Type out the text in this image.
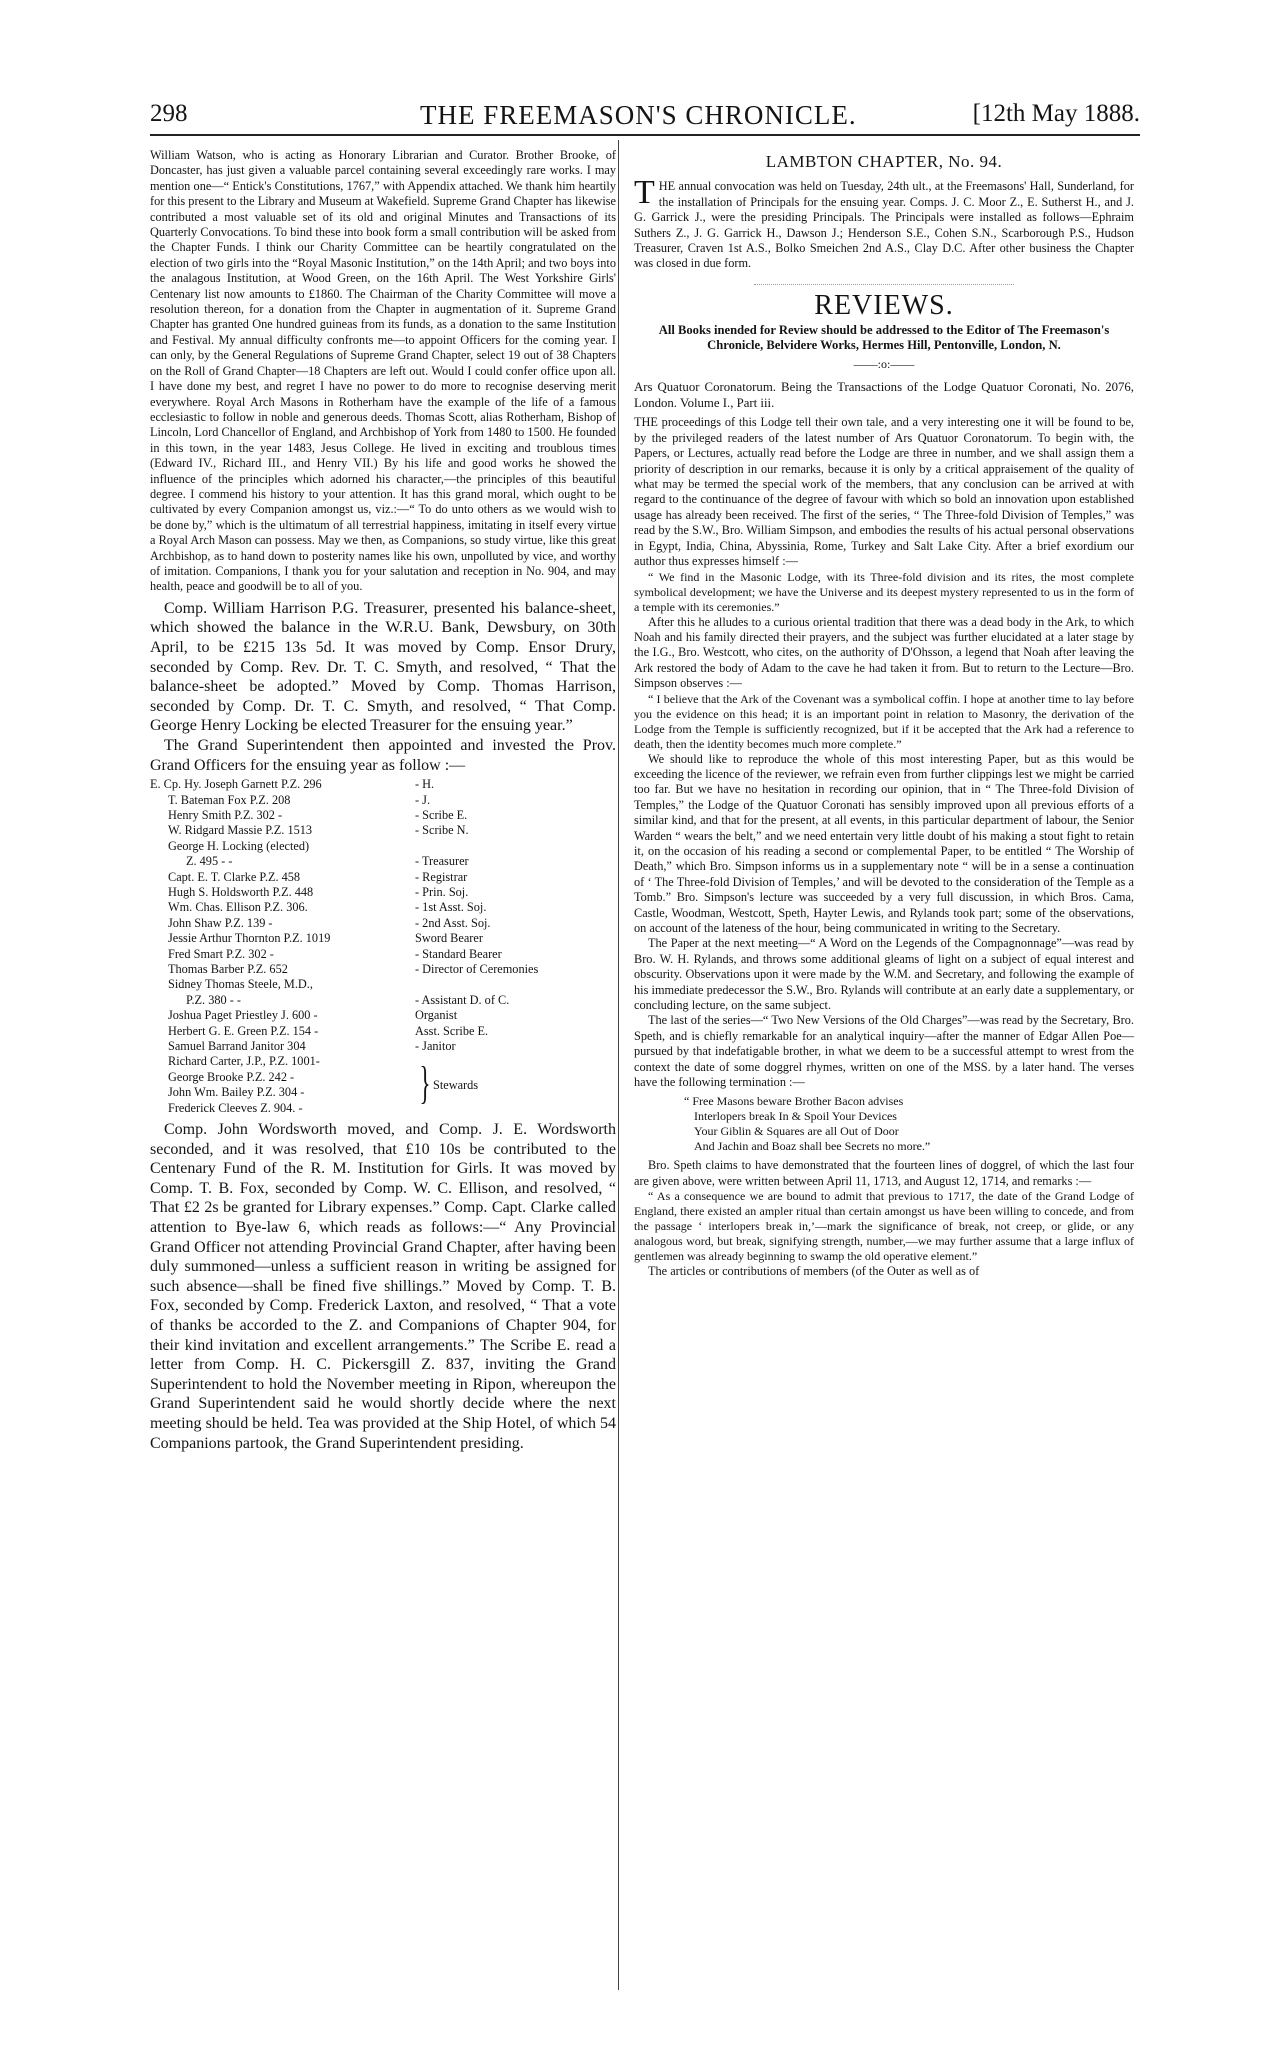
298	THE FREEMASON'S CHRONICLE.	[12th May 1888.

William Watson, who is acting as Honorary Librarian and Curator. Brother Brooke, of Doncaster, has just given a valuable parcel containing several exceedingly rare works. I may mention one—“ Entick's Constitutions, 1767,” with Appendix attached. We thank him heartily for this present to the Library and Museum at Wakefield. Supreme Grand Chapter has likewise contributed a most valuable set of its old and original Minutes and Transactions of its Quarterly Convocations. To bind these into book form a small contribution will be asked from the Chapter Funds. I think our Charity Committee can be heartily congratulated on the election of two girls into the “Royal Masonic Institution,” on the 14th April; and two boys into the analagous Institution, at Wood Green, on the 16th April. The West Yorkshire Girls' Centenary list now amounts to £1860. The Chairman of the Charity Committee will move a resolution thereon, for a donation from the Chapter in augmentation of it. Supreme Grand Chapter has granted One hundred guineas from its funds, as a donation to the same Institution and Festival. My annual difficulty confronts me—to appoint Officers for the coming year. I can only, by the General Regulations of Supreme Grand Chapter, select 19 out of 38 Chapters on the Roll of Grand Chapter—18 Chapters are left out. Would I could confer office upon all. I have done my best, and regret I have no power to do more to recognise deserving merit everywhere. Royal Arch Masons in Rotherham have the example of the life of a famous ecclesiastic to follow in noble and generous deeds. Thomas Scott, alias Rotherham, Bishop of Lincoln, Lord Chancellor of England, and Archbishop of York from 1480 to 1500. He founded in this town, in the year 1483, Jesus College. He lived in exciting and troublous times (Edward IV., Richard III., and Henry VII.) By his life and good works he showed the influence of the principles which adorned his character,—the principles of this beautiful degree. I commend his history to your attention. It has this grand moral, which ought to be cultivated by every Companion amongst us, viz.:—“ To do unto others as we would wish to be done by,” which is the ultimatum of all terrestrial happiness, imitating in itself every virtue a Royal Arch Mason can possess. May we then, as Companions, so study virtue, like this great Archbishop, as to hand down to posterity names like his own, unpolluted by vice, and worthy of imitation. Companions, I thank you for your salutation and reception in No. 904, and may health, peace and goodwill be to all of you.

Comp. William Harrison P.G. Treasurer, presented his balance-sheet, which showed the balance in the W.R.U. Bank, Dewsbury, on 30th April, to be £215 13s 5d. It was moved by Comp. Ensor Drury, seconded by Comp. Rev. Dr. T. C. Smyth, and resolved, “ That the balance-sheet be adopted.” Moved by Comp. Thomas Harrison, seconded by Comp. Dr. T. C. Smyth, and resolved, “ That Comp. George Henry Locking be elected Treasurer for the ensuing year.”

The Grand Superintendent then appointed and invested the Prov. Grand Officers for the ensuing year as follow :—

E. Cp. Hy. Joseph Garnett P.Z. 296	- H.
T. Bateman Fox P.Z. 208	- J.
Henry Smith P.Z. 302 -	- Scribe E.
W. Ridgard Massie P.Z. 1513	- Scribe N.
George H. Locking (elected)
Z. 495 - -	- Treasurer
Capt. E. T. Clarke P.Z. 458	- Registrar
Hugh S. Holdsworth P.Z. 448	- Prin. Soj.
Wm. Chas. Ellison P.Z. 306.	- 1st Asst. Soj.
John Shaw P.Z. 139 -	- 2nd Asst. Soj.
Jessie Arthur Thornton P.Z. 1019	Sword Bearer
Fred Smart P.Z. 302 -	- Standard Bearer
Thomas Barber P.Z. 652	- Director of Ceremonies
Sidney Thomas Steele, M.D.,
P.Z. 380 - -	- Assistant D. of C.
Joshua Paget Priestley J. 600 -	Organist
Herbert G. E. Green P.Z. 154 -	Asst. Scribe E.
Samuel Barrand Janitor 304	- Janitor
Richard Carter, J.P., P.Z. 1001-
George Brooke P.Z. 242 -
John Wm. Bailey P.Z. 304 -
Frederick Cleeves Z. 904. -	} Stewards

Comp. John Wordsworth moved, and Comp. J. E. Wordsworth seconded, and it was resolved, that £10 10s be contributed to the Centenary Fund of the R. M. Institution for Girls. It was moved by Comp. T. B. Fox, seconded by Comp. W. C. Ellison, and resolved, “ That £2 2s be granted for Library expenses.” Comp. Capt. Clarke called attention to Bye-law 6, which reads as follows:—“ Any Provincial Grand Officer not attending Provincial Grand Chapter, after having been duly summoned—unless a sufficient reason in writing be assigned for such absence—shall be fined five shillings.” Moved by Comp. T. B. Fox, seconded by Comp. Frederick Laxton, and resolved, “ That a vote of thanks be accorded to the Z. and Companions of Chapter 904, for their kind invitation and excellent arrangements.” The Scribe E. read a letter from Comp. H. C. Pickersgill Z. 837, inviting the Grand Superintendent to hold the November meeting in Ripon, whereupon the Grand Superintendent said he would shortly decide where the next meeting should be held. Tea was provided at the Ship Hotel, of which 54 Companions partook, the Grand Superintendent presiding.

LAMBTON CHAPTER, No. 94.

THE annual convocation was held on Tuesday, 24th ult., at the Freemasons' Hall, Sunderland, for the installation of Principals for the ensuing year. Comps. J. C. Moor Z., E. Sutherst H., and J. G. Garrick J., were the presiding Principals. The Principals were installed as follows—Ephraim Suthers Z., J. G. Garrick H., Dawson J.; Henderson S.E., Cohen S.N., Scarborough P.S., Hudson Treasurer, Craven 1st A.S., Bolko Smeichen 2nd A.S., Clay D.C. After other business the Chapter was closed in due form.

REVIEWS.

All Books inended for Review should be addressed to the Editor of The Freemason's Chronicle, Belvidere Works, Hermes Hill, Pentonville, London, N.

——:o:——

Ars Quatuor Coronatorum. Being the Transactions of the Lodge Quatuor Coronati, No. 2076, London. Volume I., Part iii.

THE proceedings of this Lodge tell their own tale, and a very interesting one it will be found to be, by the privileged readers of the latest number of Ars Quatuor Coronatorum. To begin with, the Papers, or Lectures, actually read before the Lodge are three in number, and we shall assign them a priority of description in our remarks, because it is only by a critical appraisement of the quality of what may be termed the special work of the members, that any conclusion can be arrived at with regard to the continuance of the degree of favour with which so bold an innovation upon established usage has already been received. The first of the series, “ The Three-fold Division of Temples,” was read by the S.W., Bro. William Simpson, and embodies the results of his actual personal observations in Egypt, India, China, Abyssinia, Rome, Turkey and Salt Lake City. After a brief exordium our author thus expresses himself :—

“ We find in the Masonic Lodge, with its Three-fold division and its rites, the most complete symbolical development; we have the Universe and its deepest mystery represented to us in the form of a temple with its ceremonies.”

After this he alludes to a curious oriental tradition that there was a dead body in the Ark, to which Noah and his family directed their prayers, and the subject was further elucidated at a later stage by the I.G., Bro. Westcott, who cites, on the authority of D'Ohsson, a legend that Noah after leaving the Ark restored the body of Adam to the cave he had taken it from. But to return to the Lecture—Bro. Simpson observes :—

“ I believe that the Ark of the Covenant was a symbolical coffin. I hope at another time to lay before you the evidence on this head; it is an important point in relation to Masonry, the derivation of the Lodge from the Temple is sufficiently recognized, but if it be accepted that the Ark had a reference to death, then the identity becomes much more complete.”

We should like to reproduce the whole of this most interesting Paper, but as this would be exceeding the licence of the reviewer, we refrain even from further clippings lest we might be carried too far. But we have no hesitation in recording our opinion, that in “ The Three-fold Division of Temples,” the Lodge of the Quatuor Coronati has sensibly improved upon all previous efforts of a similar kind, and that for the present, at all events, in this particular department of labour, the Senior Warden “ wears the belt,” and we need entertain very little doubt of his making a stout fight to retain it, on the occasion of his reading a second or complemental Paper, to be entitled “ The Worship of Death,” which Bro. Simpson informs us in a supplementary note “ will be in a sense a continuation of ‘ The Three-fold Division of Temples,’ and will be devoted to the consideration of the Temple as a Tomb.” Bro. Simpson's lecture was succeeded by a very full discussion, in which Bros. Cama, Castle, Woodman, Westcott, Speth, Hayter Lewis, and Rylands took part; some of the observations, on account of the lateness of the hour, being communicated in writing to the Secretary.

The Paper at the next meeting—“ A Word on the Legends of the Compagnonnage”—was read by Bro. W. H. Rylands, and throws some additional gleams of light on a subject of equal interest and obscurity. Observations upon it were made by the W.M. and Secretary, and following the example of his immediate predecessor the S.W., Bro. Rylands will contribute at an early date a supplementary, or concluding lecture, on the same subject.

The last of the series—“ Two New Versions of the Old Charges”—was read by the Secretary, Bro. Speth, and is chiefly remarkable for an analytical inquiry—after the manner of Edgar Allen Poe—pursued by that indefatigable brother, in what we deem to be a successful attempt to wrest from the context the date of some doggrel rhymes, written on one of the MSS. by a later hand. The verses have the following termination :—

“ Free Masons beware Brother Bacon advises
Interlopers break In & Spoil Your Devices
Your Giblin & Squares are all Out of Door
And Jachin and Boaz shall bee Secrets no more.”

Bro. Speth claims to have demonstrated that the fourteen lines of doggrel, of which the last four are given above, were written between April 11, 1713, and August 12, 1714, and remarks :—

“ As a consequence we are bound to admit that previous to 1717, the date of the Grand Lodge of England, there existed an ampler ritual than certain amongst us have been willing to concede, and from the passage ‘ interlopers break in,’—mark the significance of break, not creep, or glide, or any analogous word, but break, signifying strength, number,—we may further assume that a large influx of gentlemen was already beginning to swamp the old operative element.”

The articles or contributions of members (of the Outer as well as of
